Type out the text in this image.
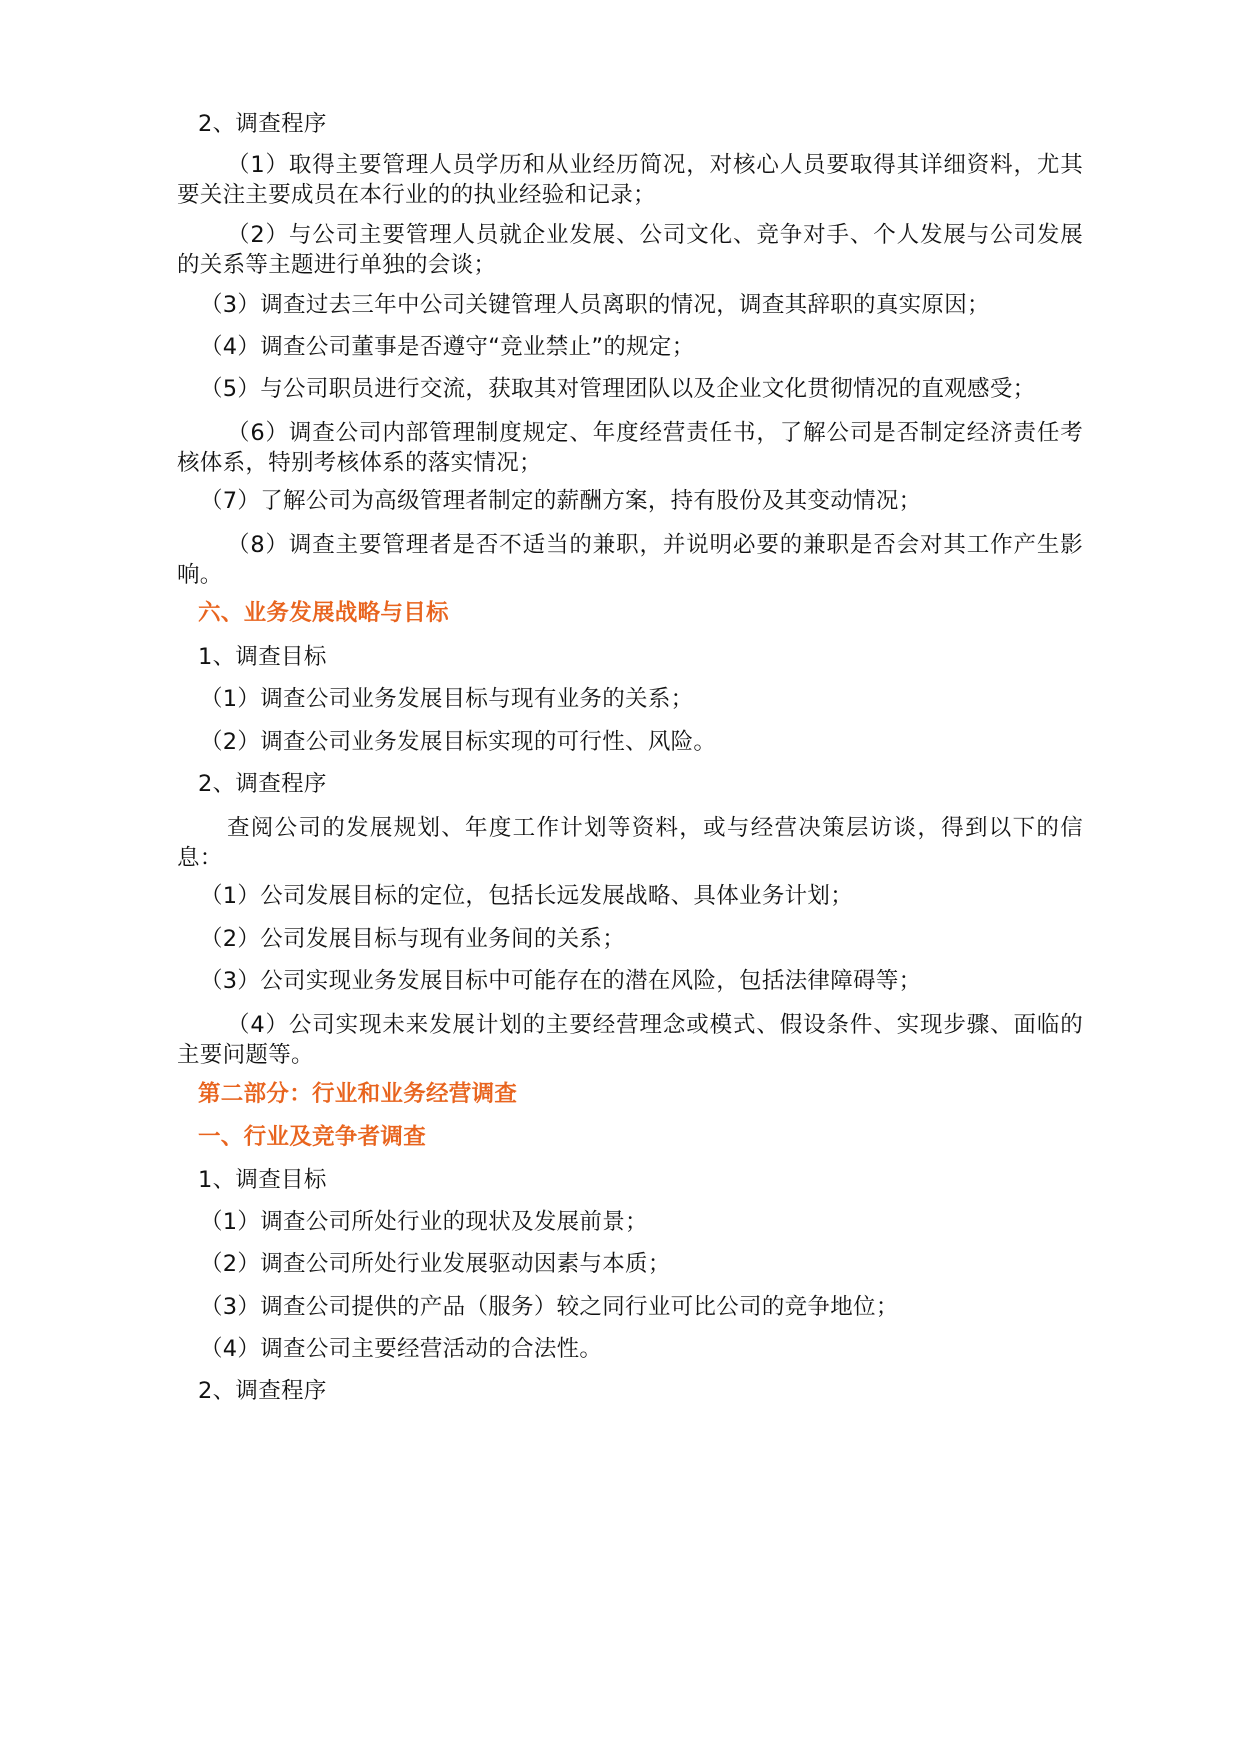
2、调查程序
（1）取得主要管理人员学历和从业经历简况，对核心人员要取得其详细资料，尤其要关注主要成员在本行业的的执业经验和记录；
（2）与公司主要管理人员就企业发展、公司文化、竞争对手、个人发展与公司发展的关系等主题进行单独的会谈；
（3）调查过去三年中公司关键管理人员离职的情况，调查其辞职的真实原因；
（4）调查公司董事是否遵守“竞业禁止”的规定；
（5）与公司职员进行交流，获取其对管理团队以及企业文化贯彻情况的直观感受；
（6）调查公司内部管理制度规定、年度经营责任书，了解公司是否制定经济责任考核体系，特别考核体系的落实情况；
（7）了解公司为高级管理者制定的薪酬方案，持有股份及其变动情况；
（8）调查主要管理者是否不适当的兼职，并说明必要的兼职是否会对其工作产生影响。
六、业务发展战略与目标
1、调查目标
（1）调查公司业务发展目标与现有业务的关系；
（2）调查公司业务发展目标实现的可行性、风险。
2、调查程序
查阅公司的发展规划、年度工作计划等资料，或与经营决策层访谈，得到以下的信息：
（1）公司发展目标的定位，包括长远发展战略、具体业务计划；
（2）公司发展目标与现有业务间的关系；
（3）公司实现业务发展目标中可能存在的潜在风险，包括法律障碍等；
（4）公司实现未来发展计划的主要经营理念或模式、假设条件、实现步骤、面临的主要问题等。
第二部分：行业和业务经营调查
一、行业及竞争者调查
1、调查目标
（1）调查公司所处行业的现状及发展前景；
（2）调查公司所处行业发展驱动因素与本质；
（3）调查公司提供的产品（服务）较之同行业可比公司的竞争地位；
（4）调查公司主要经营活动的合法性。
2、调查程序
